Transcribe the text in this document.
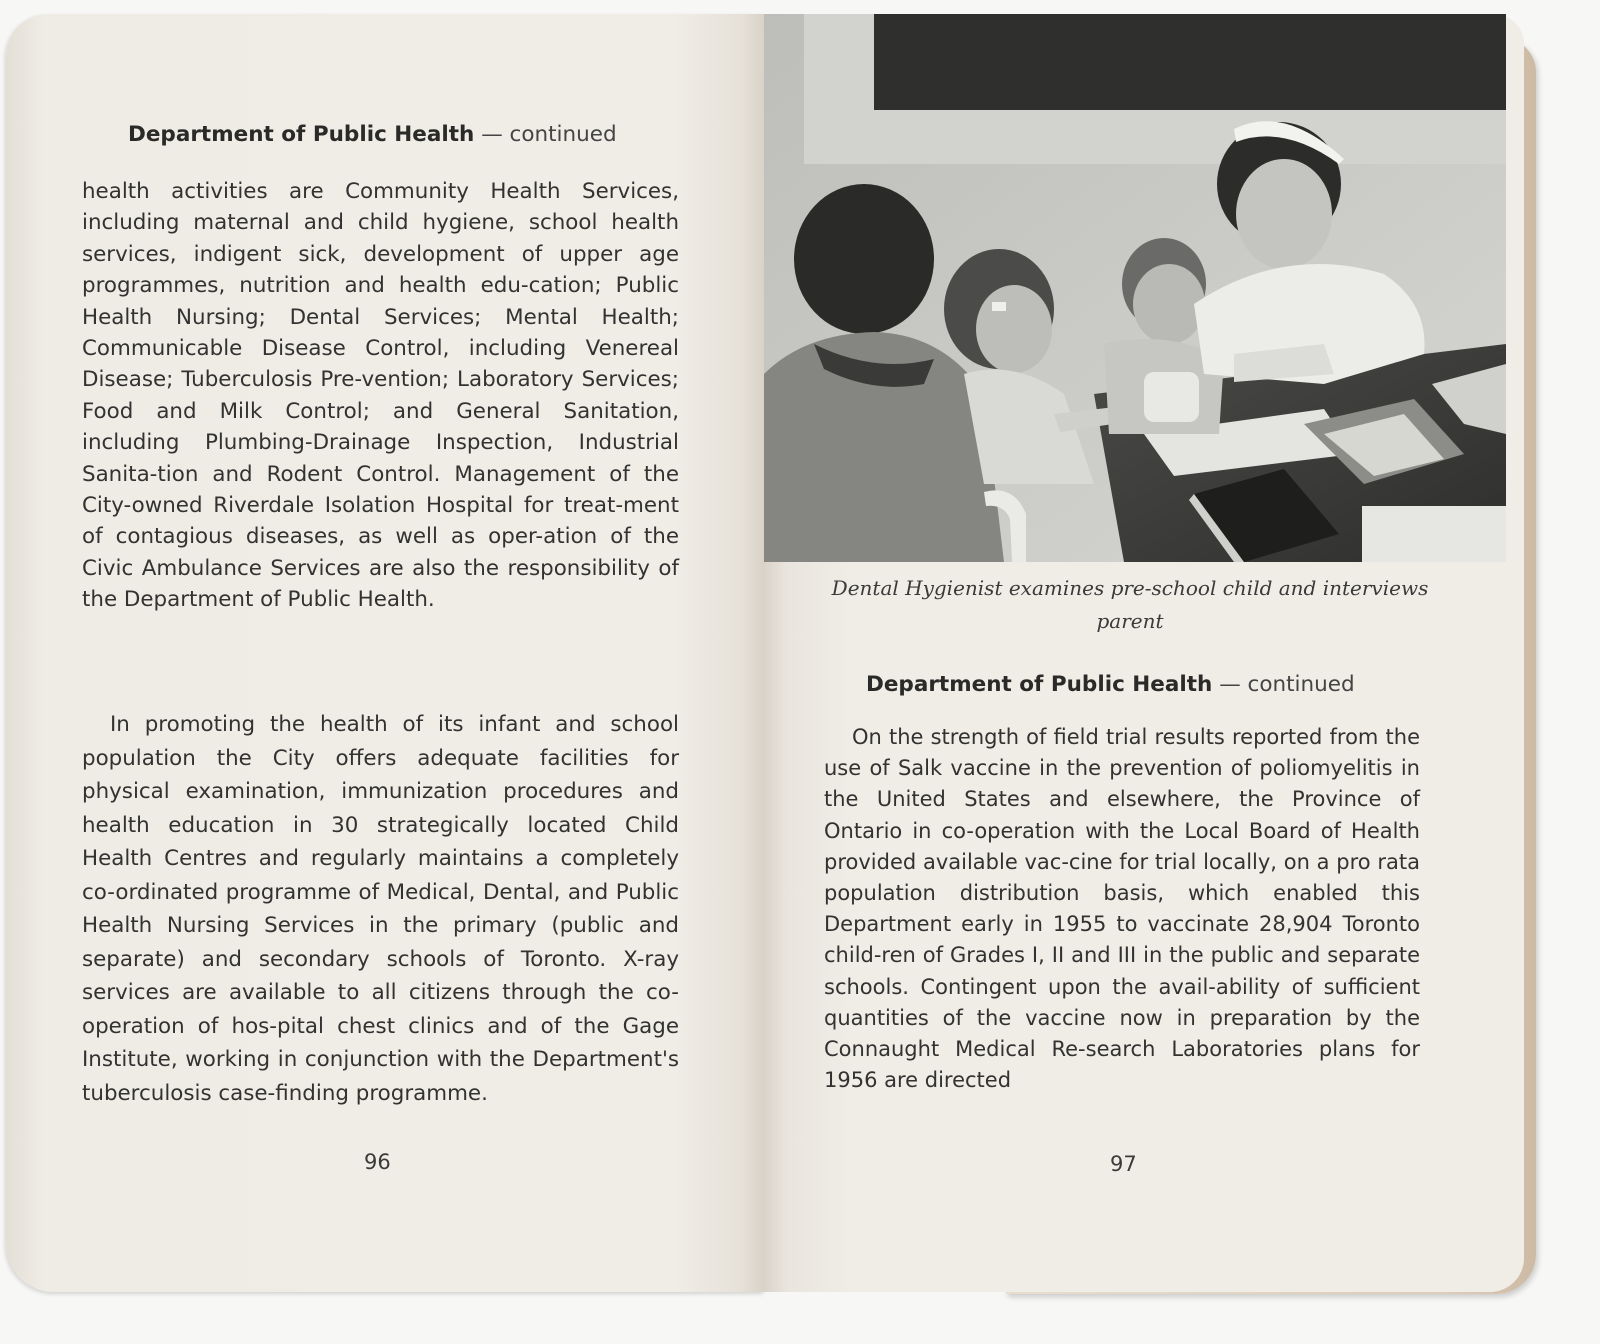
Department of Public Health — continued

health activities are Community Health Services, including maternal and child hygiene, school health services, indigent sick, development of upper age programmes, nutrition and health edu-cation; Public Health Nursing; Dental Services; Mental Health; Communicable Disease Control, including Venereal Disease; Tuberculosis Pre-vention; Laboratory Services; Food and Milk Control; and General Sanitation, including Plumbing-Drainage Inspection, Industrial Sanita-tion and Rodent Control. Management of the City-owned Riverdale Isolation Hospital for treat-ment of contagious diseases, as well as oper-ation of the Civic Ambulance Services are also the responsibility of the Department of Public Health.

In promoting the health of its infant and school population the City offers adequate facilities for physical examination, immunization procedures and health education in 30 strategically located Child Health Centres and regularly maintains a completely co-ordinated programme of Medical, Dental, and Public Health Nursing Services in the primary (public and separate) and secondary schools of Toronto. X-ray services are available to all citizens through the co-operation of hos-pital chest clinics and of the Gage Institute, working in conjunction with the Department's tuberculosis case-finding programme.

96
Dental Hygienist examines pre-school child and interviews parent
Department of Public Health — continued

On the strength of field trial results reported from the use of Salk vaccine in the prevention of poliomyelitis in the United States and elsewhere, the Province of Ontario in co-operation with the Local Board of Health provided available vac-cine for trial locally, on a pro rata population distribution basis, which enabled this Department early in 1955 to vaccinate 28,904 Toronto child-ren of Grades I, II and III in the public and separate schools. Contingent upon the avail-ability of sufficient quantities of the vaccine now in preparation by the Connaught Medical Re-search Laboratories plans for 1956 are directed

97
